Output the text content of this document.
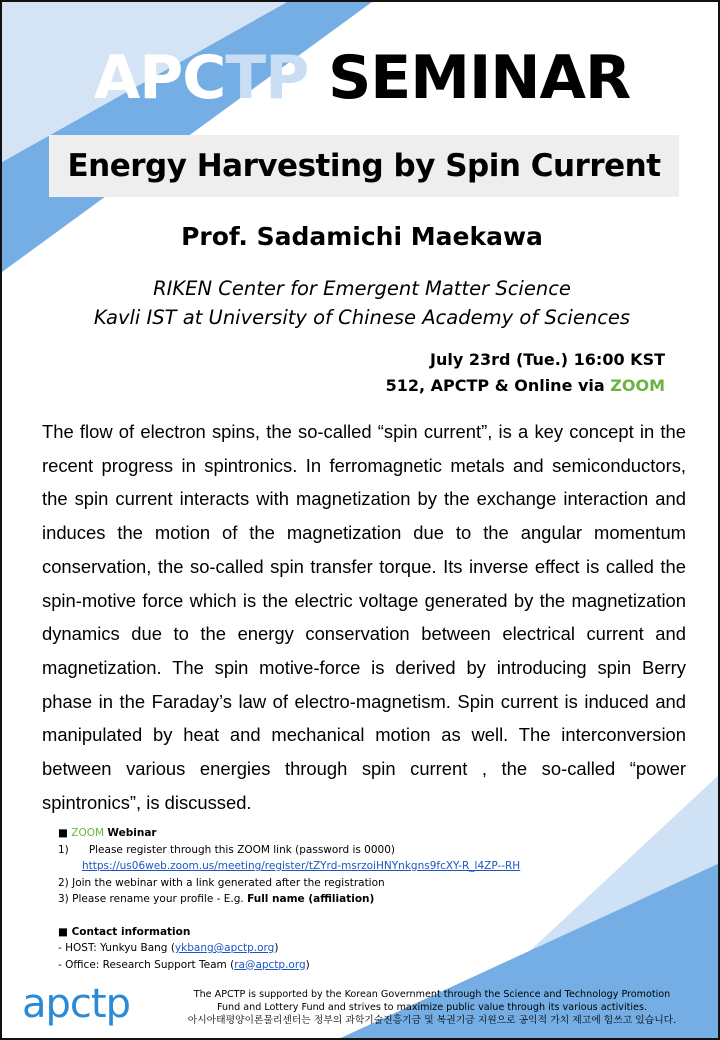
APCTP SEMINAR
Energy Harvesting by Spin Current
Prof. Sadamichi Maekawa
RIKEN Center for Emergent Matter Science
Kavli IST at University of Chinese Academy of Sciences
July 23rd (Tue.) 16:00 KST
512, APCTP & Online via ZOOM
The flow of electron spins, the so-called “spin current”, is a key concept in the recent progress in spintronics. In ferromagnetic metals and semiconductors, the spin current interacts with magnetization by the exchange interaction and induces the motion of the magnetization due to the angular momentum conservation, the so-called spin transfer torque. Its inverse effect is called the spin-motive force which is the electric voltage generated by the magnetization dynamics due to the energy conservation between electrical current and magnetization. The spin motive-force is derived by introducing spin Berry phase in the Faraday’s law of electro-magnetism. Spin current is induced and manipulated by heat and mechanical motion as well. The interconversion between various energies through spin current , the so-called “power spintronics”, is discussed.
■ ZOOM Webinar
1) Please register through this ZOOM link (password is 0000)
https://us06web.zoom.us/meeting/register/tZYrd-msrzoiHNYnkgns9fcXY-R_l4ZP--RH
2) Join the webinar with a link generated after the registration
3) Please rename your profile - E.g. Full name (affiliation)
■ Contact information
- HOST: Yunkyu Bang (ykbang@apctp.org)
- Office: Research Support Team (ra@apctp.org)
apctp	The APCTP is supported by the Korean Government through the Science and Technology Promotion
Fund and Lottery Fund and strives to maximize public value through its various activities.
아시아태평양이론물리센터는 정부의 과학기술진흥기금 및 복권기금 지원으로 공익적 가치 제고에 힘쓰고 있습니다.
